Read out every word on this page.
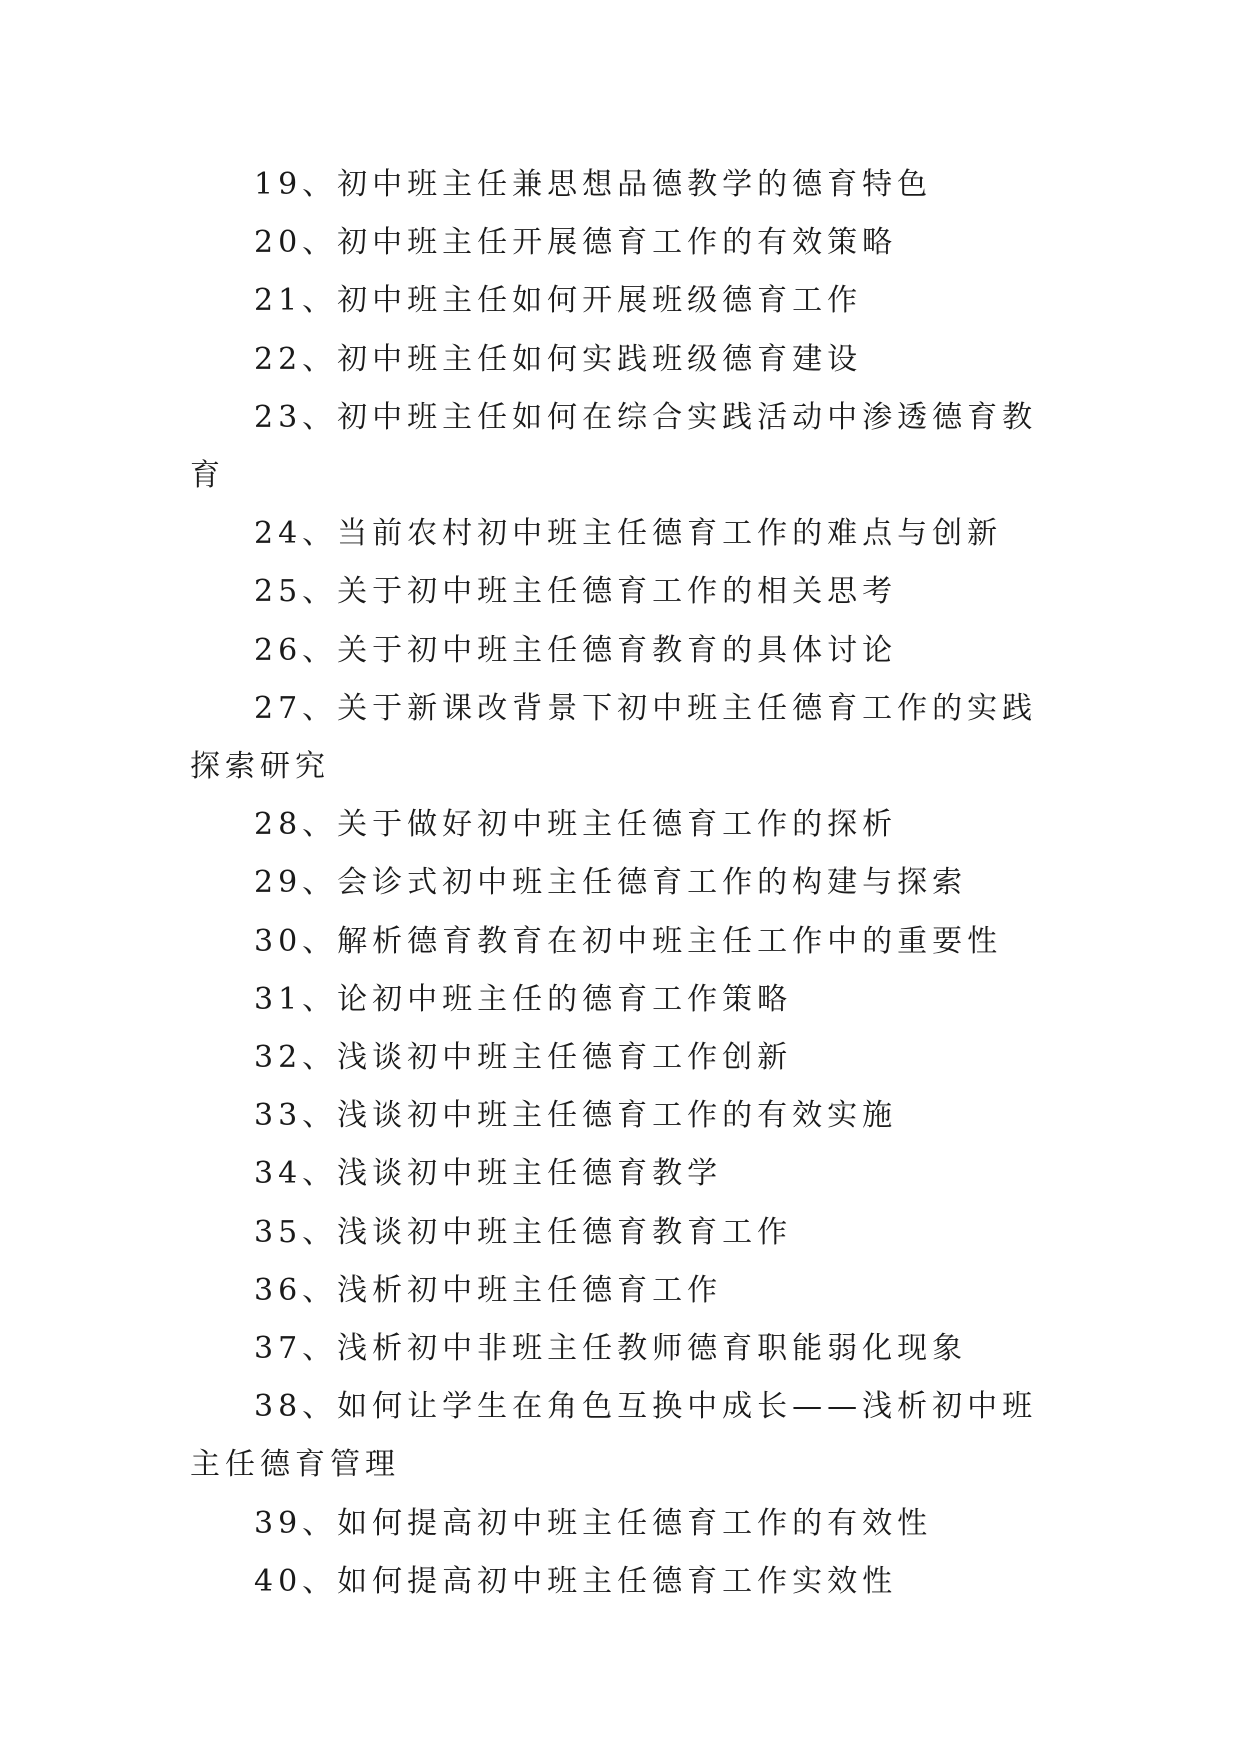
19、初中班主任兼思想品德教学的德育特色
20、初中班主任开展德育工作的有效策略
21、初中班主任如何开展班级德育工作
22、初中班主任如何实践班级德育建设
23、初中班主任如何在综合实践活动中渗透德育教育
24、当前农村初中班主任德育工作的难点与创新
25、关于初中班主任德育工作的相关思考
26、关于初中班主任德育教育的具体讨论
27、关于新课改背景下初中班主任德育工作的实践探索研究
28、关于做好初中班主任德育工作的探析
29、会诊式初中班主任德育工作的构建与探索
30、解析德育教育在初中班主任工作中的重要性
31、论初中班主任的德育工作策略
32、浅谈初中班主任德育工作创新
33、浅谈初中班主任德育工作的有效实施
34、浅谈初中班主任德育教学
35、浅谈初中班主任德育教育工作
36、浅析初中班主任德育工作
37、浅析初中非班主任教师德育职能弱化现象
38、如何让学生在角色互换中成长——浅析初中班主任德育管理
39、如何提高初中班主任德育工作的有效性
40、如何提高初中班主任德育工作实效性
